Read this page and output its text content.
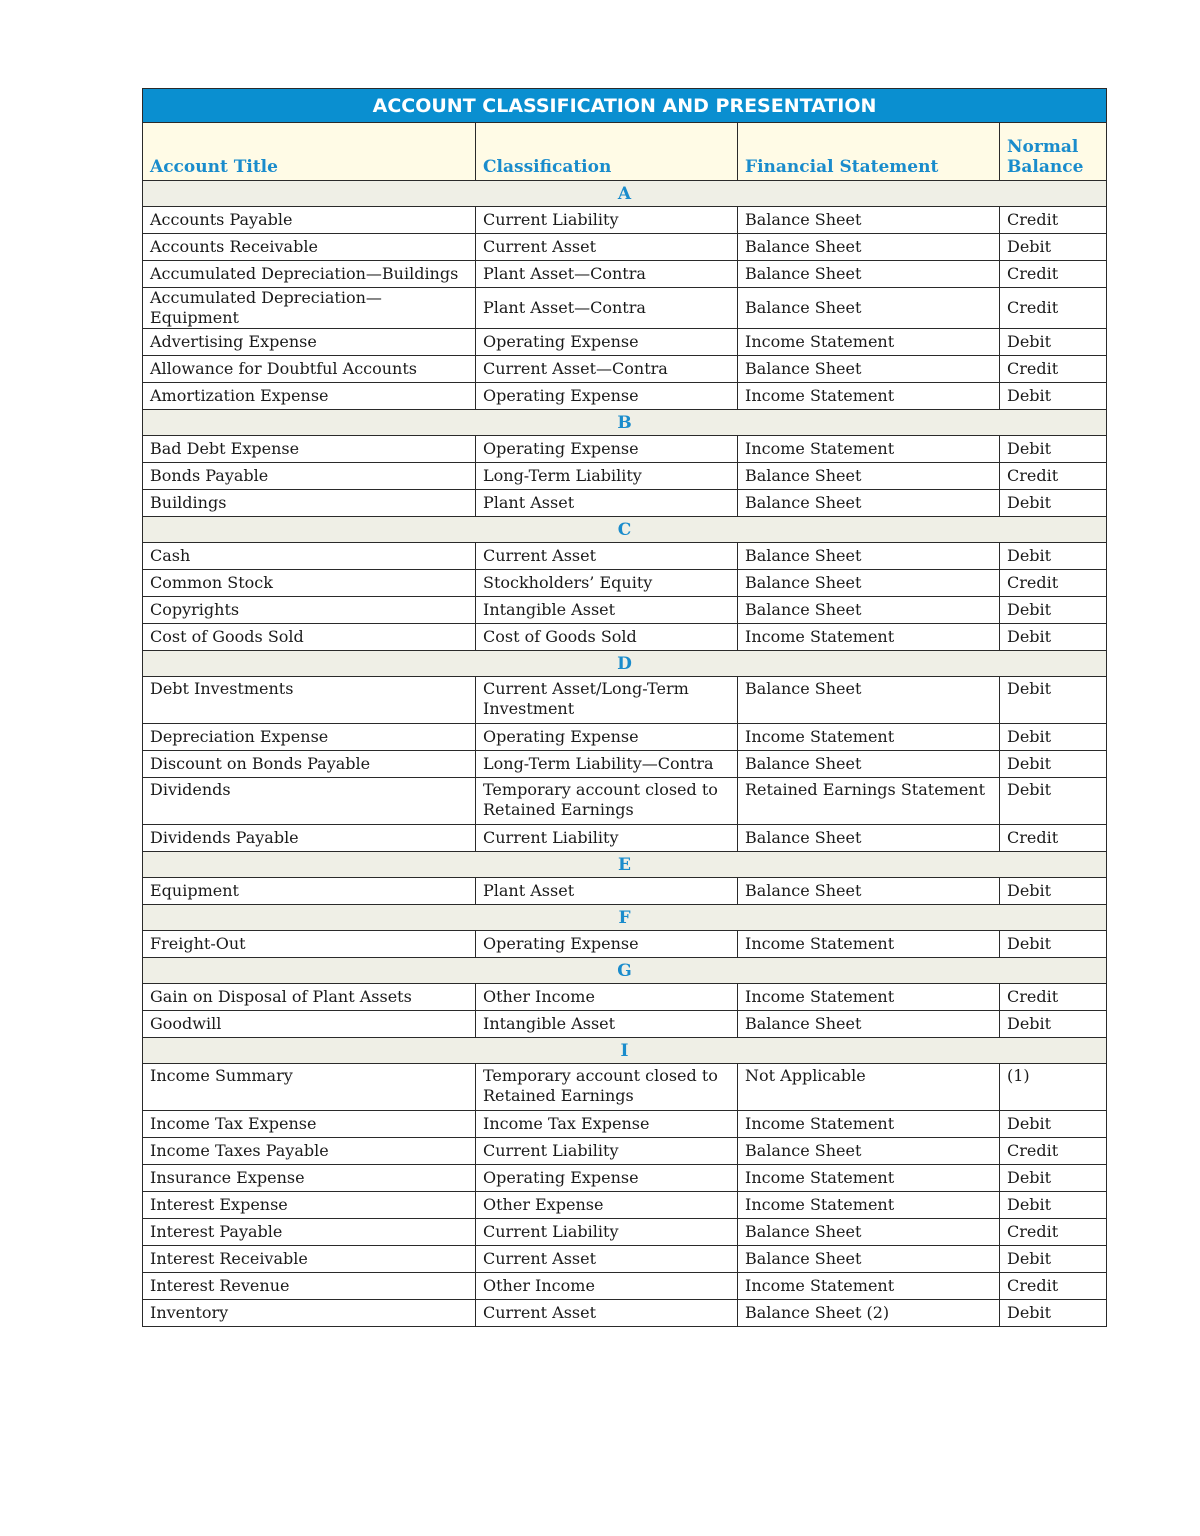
ACCOUNT CLASSIFICATION AND PRESENTATION			
Account Title	Classification	Financial Statement	Normal Balance
A			
Accounts Payable	Current Liability	Balance Sheet	Credit
Accounts Receivable	Current Asset	Balance Sheet	Debit
Accumulated Depreciation—Buildings	Plant Asset—Contra	Balance Sheet	Credit
Accumulated Depreciation—Equipment	Plant Asset—Contra	Balance Sheet	Credit
Advertising Expense	Operating Expense	Income Statement	Debit
Allowance for Doubtful Accounts	Current Asset—Contra	Balance Sheet	Credit
Amortization Expense	Operating Expense	Income Statement	Debit
B			
Bad Debt Expense	Operating Expense	Income Statement	Debit
Bonds Payable	Long-Term Liability	Balance Sheet	Credit
Buildings	Plant Asset	Balance Sheet	Debit
C			
Cash	Current Asset	Balance Sheet	Debit
Common Stock	Stockholders’ Equity	Balance Sheet	Credit
Copyrights	Intangible Asset	Balance Sheet	Debit
Cost of Goods Sold	Cost of Goods Sold	Income Statement	Debit
D			
Debt Investments	Current Asset/Long-Term Investment	Balance Sheet	Debit
Depreciation Expense	Operating Expense	Income Statement	Debit
Discount on Bonds Payable	Long-Term Liability—Contra	Balance Sheet	Debit
Dividends	Temporary account closed to Retained Earnings	Retained Earnings Statement	Debit
Dividends Payable	Current Liability	Balance Sheet	Credit
E			
Equipment	Plant Asset	Balance Sheet	Debit
F			
Freight-Out	Operating Expense	Income Statement	Debit
G			
Gain on Disposal of Plant Assets	Other Income	Income Statement	Credit
Goodwill	Intangible Asset	Balance Sheet	Debit
I			
Income Summary	Temporary account closed to Retained Earnings	Not Applicable	(1)
Income Tax Expense	Income Tax Expense	Income Statement	Debit
Income Taxes Payable	Current Liability	Balance Sheet	Credit
Insurance Expense	Operating Expense	Income Statement	Debit
Interest Expense	Other Expense	Income Statement	Debit
Interest Payable	Current Liability	Balance Sheet	Credit
Interest Receivable	Current Asset	Balance Sheet	Debit
Interest Revenue	Other Income	Income Statement	Credit
Inventory	Current Asset	Balance Sheet (2)	Debit
